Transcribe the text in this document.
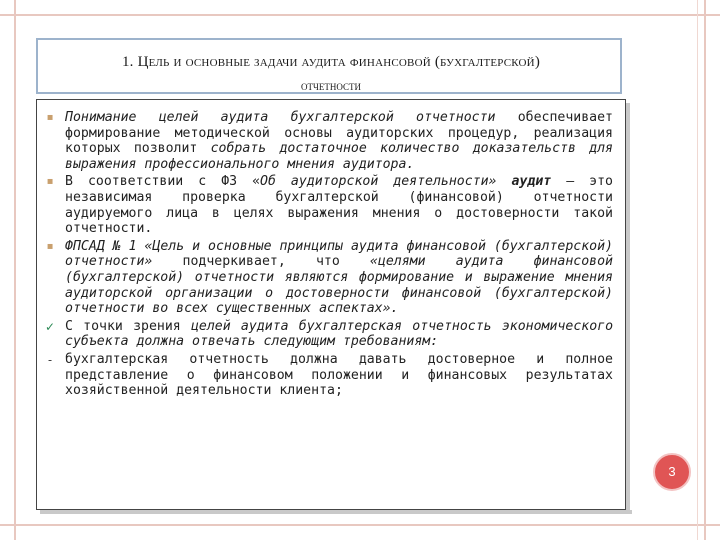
1. Цель и основные задачи аудита финансовой (бухгалтерской)
отчетности
▪ Понимание целей аудита бухгалтерской отчетности обеспечивает формирование методической основы аудиторских процедур, реализация которых позволит собрать достаточное количество доказательств для выражения профессионального мнения аудитора.
▪ В соответствии с ФЗ «Об аудиторской деятельности» аудит – это независимая проверка бухгалтерской (финансовой) отчетности аудируемого лица в целях выражения мнения о достоверности такой отчетности.
▪ ФПСАД № 1 «Цель и основные принципы аудита финансовой (бухгалтерской) отчетности» подчеркивает, что «целями аудита финансовой (бухгалтерской) отчетности являются формирование и выражение мнения аудиторской организации о достоверности финансовой (бухгалтерской) отчетности во всех существенных аспектах».
✓ С точки зрения целей аудита бухгалтерская отчетность экономического субъекта должна отвечать следующим требованиям:
- бухгалтерская отчетность должна давать достоверное и полное представление о финансовом положении и финансовых результатах хозяйственной деятельности клиента;
3
